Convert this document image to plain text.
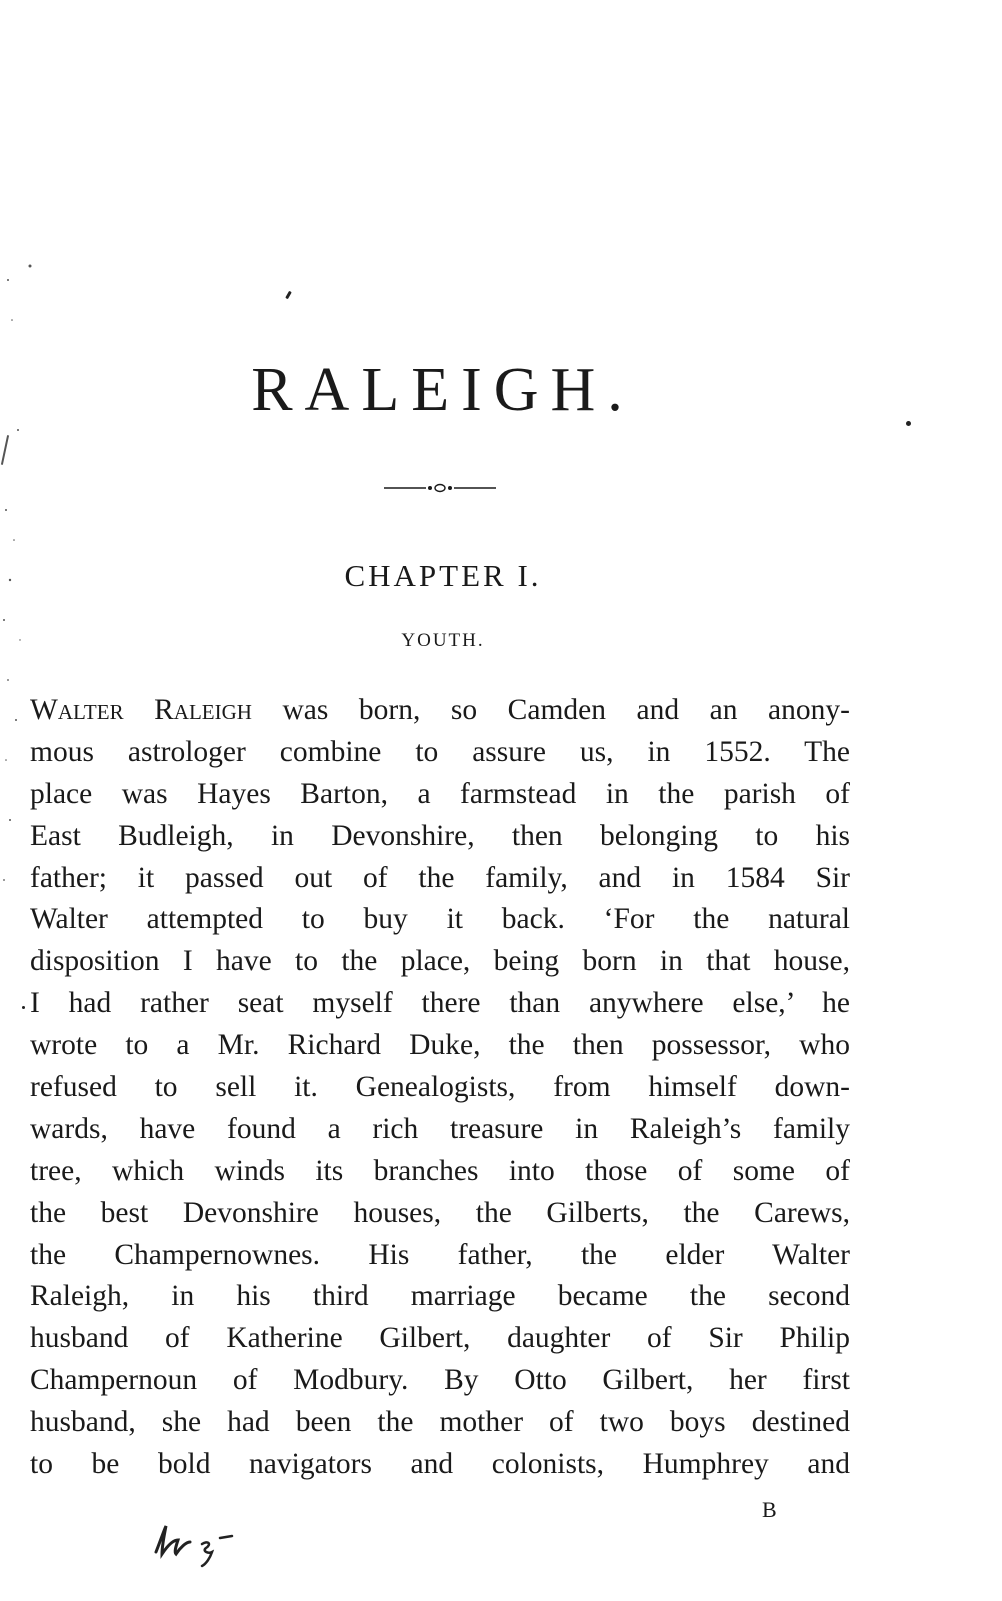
RALEIGH.
CHAPTER I.
YOUTH.
Walter Raleigh was born, so Camden and an anony-
mous astrologer combine to assure us, in 1552. The
place was Hayes Barton, a farmstead in the parish of
East Budleigh, in Devonshire, then belonging to his
father; it passed out of the family, and in 1584 Sir
Walter attempted to buy it back. ‘For the natural
disposition I have to the place, being born in that house,
I had rather seat myself there than anywhere else,’ he
wrote to a Mr. Richard Duke, the then possessor, who
refused to sell it. Genealogists, from himself down-
wards, have found a rich treasure in Raleigh’s family
tree, which winds its branches into those of some of
the best Devonshire houses, the Gilberts, the Carews,
the Champernownes. His father, the elder Walter
Raleigh, in his third marriage became the second
husband of Katherine Gilbert, daughter of Sir Philip
Champernoun of Modbury. By Otto Gilbert, her first
husband, she had been the mother of two boys destined
to be bold navigators and colonists, Humphrey and
B
